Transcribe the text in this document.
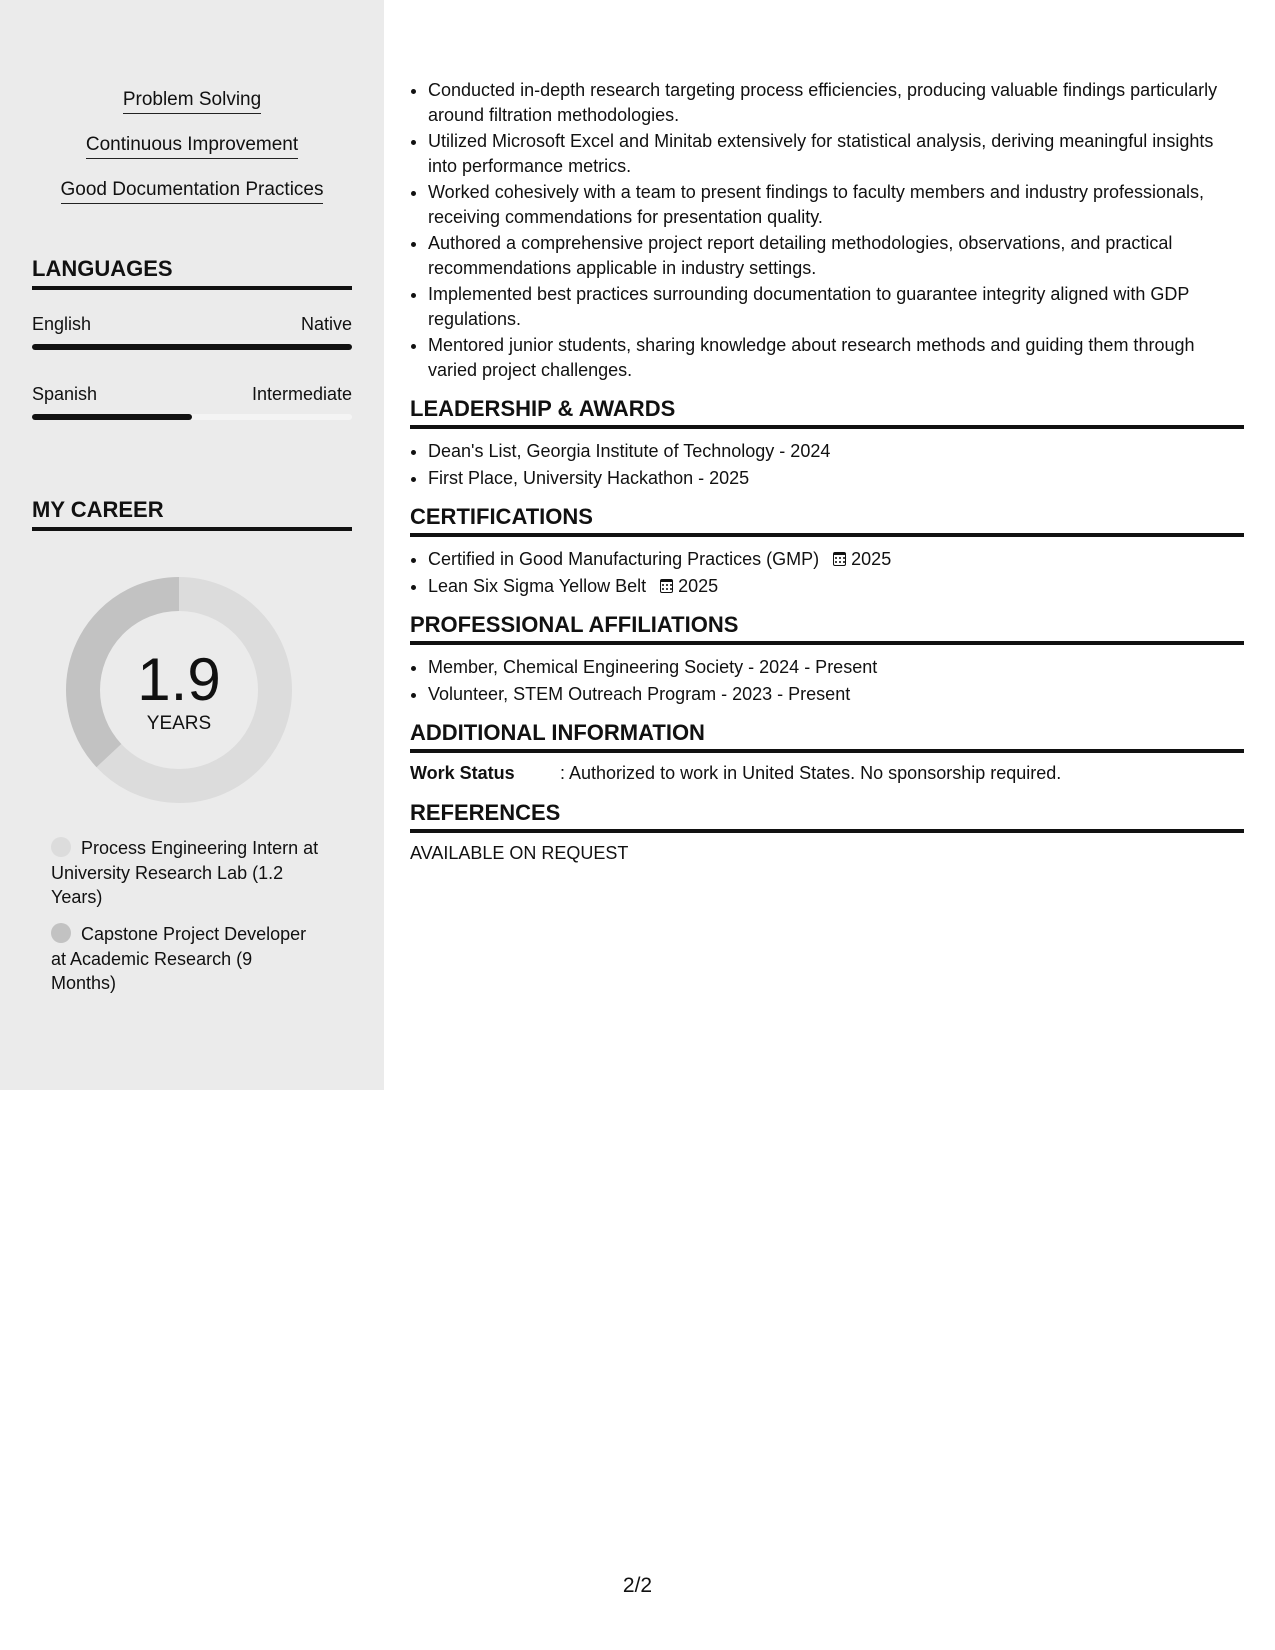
Problem Solving
Continuous Improvement
Good Documentation Practices
LANGUAGES
English	Native
Spanish	Intermediate
MY CAREER
1.9
YEARS
Process Engineering Intern at University Research Lab (1.2 Years)
Capstone Project Developer at Academic Research (9 Months)
• Conducted in-depth research targeting process efficiencies, producing valuable findings particularly around filtration methodologies.
• Utilized Microsoft Excel and Minitab extensively for statistical analysis, deriving meaningful insights into performance metrics.
• Worked cohesively with a team to present findings to faculty members and industry professionals, receiving commendations for presentation quality.
• Authored a comprehensive project report detailing methodologies, observations, and practical recommendations applicable in industry settings.
• Implemented best practices surrounding documentation to guarantee integrity aligned with GDP regulations.
• Mentored junior students, sharing knowledge about research methods and guiding them through varied project challenges.
LEADERSHIP & AWARDS
• Dean's List, Georgia Institute of Technology - 2024
• First Place, University Hackathon - 2025
CERTIFICATIONS
• Certified in Good Manufacturing Practices (GMP) 2025
• Lean Six Sigma Yellow Belt 2025
PROFESSIONAL AFFILIATIONS
• Member, Chemical Engineering Society - 2024 - Present
• Volunteer, STEM Outreach Program - 2023 - Present
ADDITIONAL INFORMATION
Work Status	: Authorized to work in United States. No sponsorship required.
REFERENCES
AVAILABLE ON REQUEST
2/2
